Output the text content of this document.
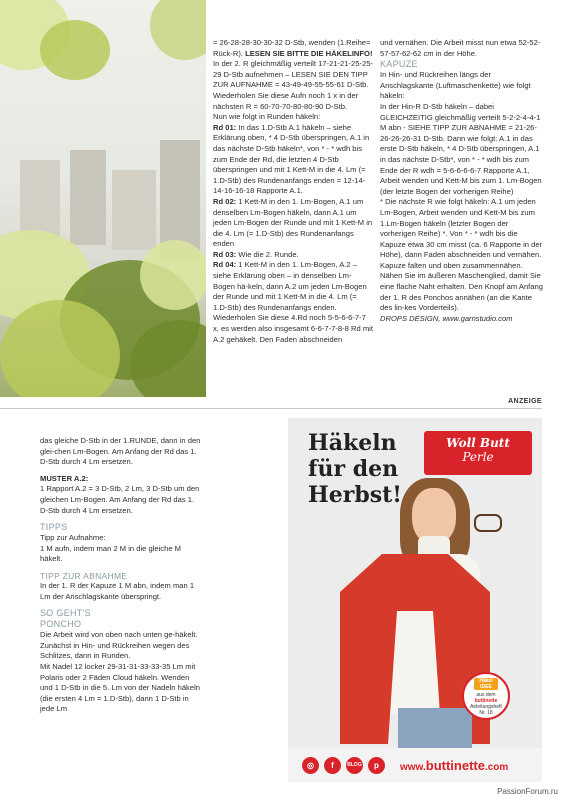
= 26-28-28-30-30-32 D-Stb, wenden (1.Reihe= Rück-R). LESEN SIE BITTE DIE HÄKELINFO!

In der 2. R gleichmäßig verteilt 17-21-21-25-25-29 D-Stb aufnehmen – LESEN SIE DEN TIPP ZUR AUFNAHME = 43-49-49-55-55-61 D-Stb. Wiederholen Sie diese Aufn noch 1 x in der nächsten R = 60-70-70-80-80-90 D-Stb.

Nun wie folgt in Runden häkeln:

Rd 01: In das 1.D-Stb A.1 häkeln – siehe Erklärung oben, * 4 D-Stb überspringen, A.1 in das nächste D-Stb häkeln*, von * - * wdh bis zum Ende der Rd, die letzten 4 D-Stb überspringen und mit 1 Kett-M in die 4. Lm (= 1.D-Stb) des Rundenanfangs enden = 12-14-14-16-16-18 Rapporte A.1.

Rd 02: 1 Kett-M in den 1. Lm-Bogen, A.1 um denselben Lm-Bogen häkeln, dann A.1 um jeden Lm-Bogen der Runde und mit 1 Kett-M in die 4. Lm (= 1.D-Stb) des Rundenanfangs enden

Rd 03: Wie die 2. Runde.

Rd 04: 1 Kett-M in den 1. Lm-Bogen, A.2 – siehe Erklärung oben – in denselben Lm-Bogen hä-keln, dann A.2 um jeden Lm-Bogen der Runde und mit 1 Kett-M in die 4. Lm (= 1.D-Stb) des Rundenanfangs enden. Wiederholen Sie diese 4.Rd noch 5-5-6-6-7-7 x, es werden also insgesamt 6-6-7-7-8-8 Rd mit A.2 gehäkelt. Den Faden abschneiden

und vernähen. Die Arbeit misst nun etwa 52-52-57-57-62-62 cm in der Höhe.

KAPUZE

In Hin- und Rückreihen längs der Anschlagskante (Luftmaschenkette) wie folgt häkeln:

In der Hin-R D-Stb häkeln – dabei GLEICHZEITIG gleichmäßig verteilt 5-2-2-4-4-1 M abn - SIEHE TIPP ZUR ABNAHME = 21-26-26-26-26-31 D-Stb. Dann wie folgt: A.1 in das erste D-Stb häkeln, * 4 D-Stb überspringen, A.1 in das nächste D-Stb*, von * - * wdh bis zum Ende der R wdh = 5-6-6-6-6-7 Rapporte A.1, Arbeit wenden und Kett-M bis zum 1. Lm-Bogen (der letzte Bogen der vorherigen Reihe)

* Die nächste R wie folgt häkeln: A.1 um jeden Lm-Bogen, Arbeit wenden und Kett-M bis zum 1.Lm-Bogen häkeln (letzter Bogen der vorherigen Reihe) *. Von * - * wdh bis die Kapuze etwa 30 cm misst (ca. 6 Rapporte in der Höhe), dann Faden abschneiden und vernähen.

Kapuze falten und oben zusammennähen. Nähen Sie im äußeren Maschenglied, damit Sie eine flache Naht erhalten. Den Knopf am Anfang der 1. R des Ponchos annähen (an die Kante des lin-kes Vorderteils).

DROPS DESIGN, www.garnstudio.com

ANZEIGE

das gleiche D-Stb in der 1.RUNDE, dann in den glei-chen Lm-Bogen. Am Anfang der Rd das 1. D-Stb durch 4 Lm ersetzen.

MUSTER A.2:

1 Rapport A.2 = 3 D-Stb, 2 Lm, 3 D-Stb um den gleichen Lm-Bogen. Am Anfang der Rd das 1. D-Stb durch 4 Lm ersetzen.

TIPPS

Tipp zur Aufnahme:

1 M aufn, indem man 2 M in die gleiche M häkelt.

TIPP ZUR ABNAHME

In der 1. R der Kapuze 1 M abn, indem man 1 Lm der Anschlagskante überspringt.

SO GEHT'S

PONCHO

Die Arbeit wird von oben nach unten ge-häkelt. Zunächst in Hin- und Rückreihen wegen des Schlitzes, dann in Runden.

Mit Nadel 12 locker 29-31-31-33-33-35 Lm mit Polaris oder 2 Fäden Cloud häkeln. Wenden und 1 D-Stb in die 5. Lm von der Nadeln häkeln (die ersten 4 Lm = 1.D-Stb), dann 1 D-Stb in jede Lm

Häkeln
für den
Herbst!
Woll Butt
Perle
Häkel IDEE
aus dem
buttinette
Anleitungsheft
Nr. 18
◎	f	BLOG	p	www.buttinette.com
PassionForum.ru
